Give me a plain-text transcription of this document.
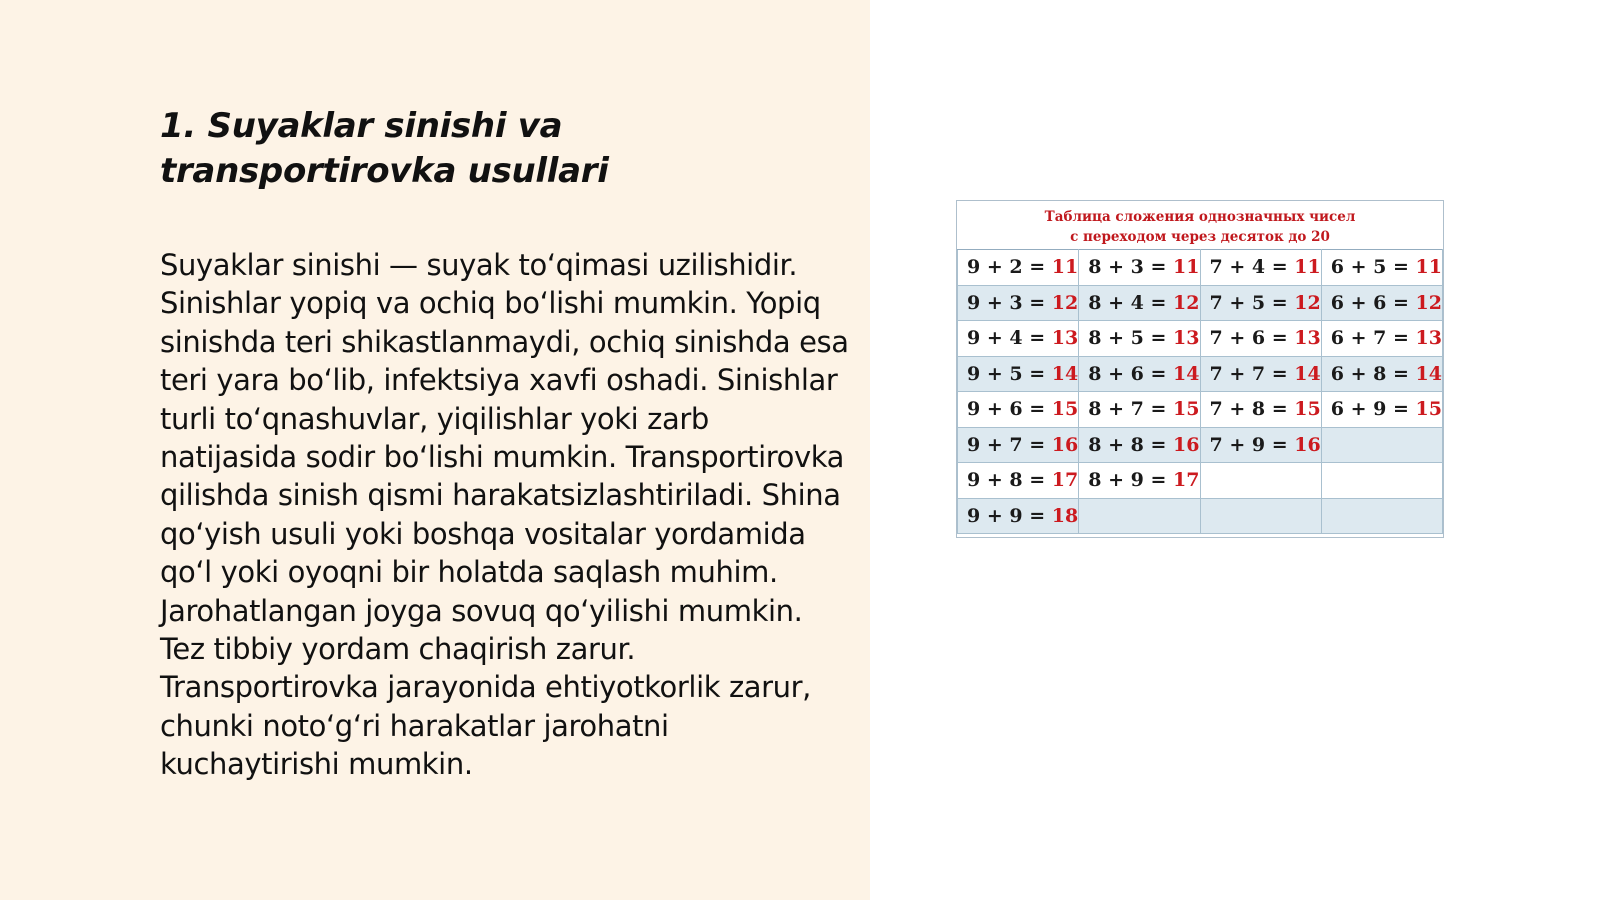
1. Suyaklar sinishi va transportirovka usullari

Suyaklar sinishi — suyak toʻqimasi uzilishidir. Sinishlar yopiq va ochiq boʻlishi mumkin. Yopiq sinishda teri shikastlanmaydi, ochiq sinishda esa teri yara boʻlib, infektsiya xavfi oshadi. Sinishlar turli toʻqnashuvlar, yiqilishlar yoki zarb natijasida sodir boʻlishi mumkin. Transportirovka qilishda sinish qismi harakatsizlashtiriladi. Shina qoʻyish usuli yoki boshqa vositalar yordamida qoʻl yoki oyoqni bir holatda saqlash muhim. Jarohatlangan joyga sovuq qoʻyilishi mumkin. Tez tibbiy yordam chaqirish zarur. Transportirovka jarayonida ehtiyotkorlik zarur, chunki notoʻgʻri harakatlar jarohatni kuchaytirishi mumkin.

Таблица сложения однозначных чисел
с переходом через десяток до 20
9 + 2 = 11	8 + 3 = 11	7 + 4 = 11	6 + 5 = 11
9 + 3 = 12	8 + 4 = 12	7 + 5 = 12	6 + 6 = 12
9 + 4 = 13	8 + 5 = 13	7 + 6 = 13	6 + 7 = 13
9 + 5 = 14	8 + 6 = 14	7 + 7 = 14	6 + 8 = 14
9 + 6 = 15	8 + 7 = 15	7 + 8 = 15	6 + 9 = 15
9 + 7 = 16	8 + 8 = 16	7 + 9 = 16	
9 + 8 = 17	8 + 9 = 17		
9 + 9 = 18			
